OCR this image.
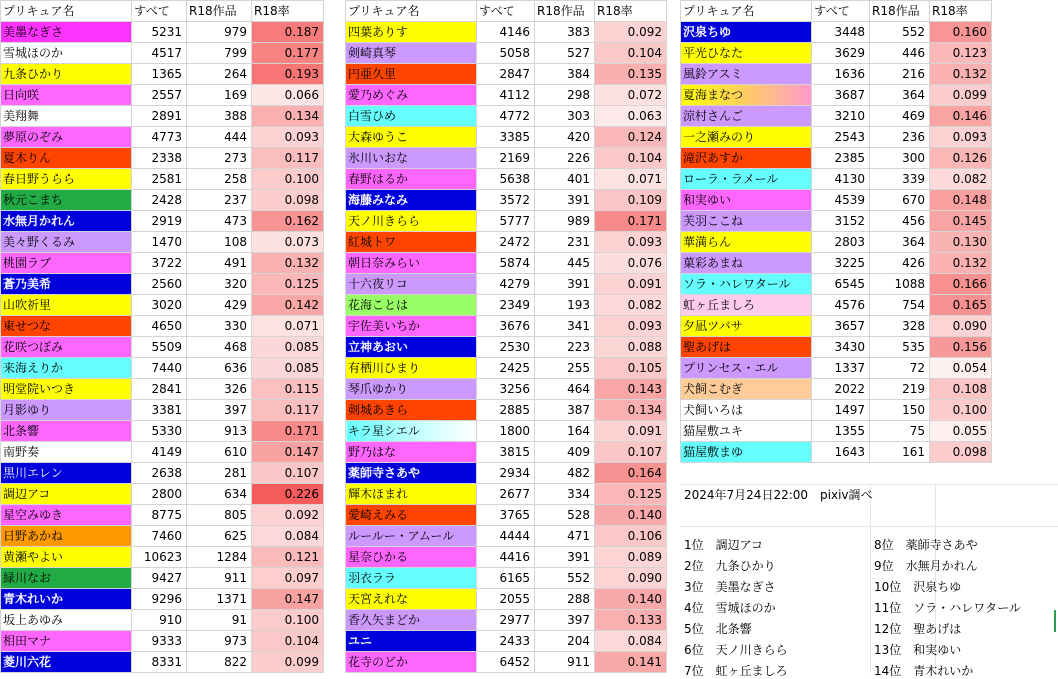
プリキュア名	すべて	R18作品	R18率
美墨なぎさ	5231	979	0.187
雪城ほのか	4517	799	0.177
九条ひかり	1365	264	0.193
日向咲	2557	169	0.066
美翔舞	2891	388	0.134
夢原のぞみ	4773	444	0.093
夏木りん	2338	273	0.117
春日野うらら	2581	258	0.100
秋元こまち	2428	237	0.098
水無月かれん	2919	473	0.162
美々野くるみ	1470	108	0.073
桃園ラブ	3722	491	0.132
蒼乃美希	2560	320	0.125
山吹祈里	3020	429	0.142
東せつな	4650	330	0.071
花咲つぼみ	5509	468	0.085
来海えりか	7440	636	0.085
明堂院いつき	2841	326	0.115
月影ゆり	3381	397	0.117
北条響	5330	913	0.171
南野奏	4149	610	0.147
黒川エレン	2638	281	0.107
調辺アコ	2800	634	0.226
星空みゆき	8775	805	0.092
日野あかね	7460	625	0.084
黄瀬やよい	10623	1284	0.121
緑川なお	9427	911	0.097
青木れいか	9296	1371	0.147
坂上あゆみ	910	91	0.100
相田マナ	9333	973	0.104
菱川六花	8331	822	0.099
プリキュア名	すべて	R18作品	R18率
四葉ありす	4146	383	0.092
剣崎真琴	5058	527	0.104
円亜久里	2847	384	0.135
愛乃めぐみ	4112	298	0.072
白雪ひめ	4772	303	0.063
大森ゆうこ	3385	420	0.124
氷川いおな	2169	226	0.104
春野はるか	5638	401	0.071
海藤みなみ	3572	391	0.109
天ノ川きらら	5777	989	0.171
紅城トワ	2472	231	0.093
朝日奈みらい	5874	445	0.076
十六夜リコ	4279	391	0.091
花海ことは	2349	193	0.082
宇佐美いちか	3676	341	0.093
立神あおい	2530	223	0.088
有栖川ひまり	2425	255	0.105
琴爪ゆかり	3256	464	0.143
剣城あきら	2885	387	0.134
キラ星シエル	1800	164	0.091
野乃はな	3815	409	0.107
薬師寺さあや	2934	482	0.164
輝木ほまれ	2677	334	0.125
愛崎えみる	3765	528	0.140
ルールー・アムール	4444	471	0.106
星奈ひかる	4416	391	0.089
羽衣ララ	6165	552	0.090
天宮えれな	2055	288	0.140
香久矢まどか	2977	397	0.133
ユニ	2433	204	0.084
花寺のどか	6452	911	0.141
プリキュア名	すべて	R18作品	R18率
沢泉ちゆ	3448	552	0.160
平光ひなた	3629	446	0.123
風鈴アスミ	1636	216	0.132
夏海まなつ	3687	364	0.099
涼村さんご	3210	469	0.146
一之瀬みのり	2543	236	0.093
滝沢あすか	2385	300	0.126
ローラ・ラメール	4130	339	0.082
和実ゆい	4539	670	0.148
芙羽ここね	3152	456	0.145
華満らん	2803	364	0.130
菓彩あまね	3225	426	0.132
ソラ・ハレワタール	6545	1088	0.166
虹ヶ丘ましろ	4576	754	0.165
夕凪ツバサ	3657	328	0.090
聖あげは	3430	535	0.156
プリンセス・エル	1337	72	0.054
犬飼こむぎ	2022	219	0.108
犬飼いろは	1497	150	0.100
猫屋敷ユキ	1355	75	0.055
猫屋敷まゆ	1643	161	0.098
2024年7月24日22:00　pixiv調べ
1位　調辺アコ
2位　九条ひかり
3位　美墨なぎさ
4位　雪城ほのか
5位　北条響
6位　天ノ川きらら
7位　虹ヶ丘ましろ
8位　薬師寺さあや
9位　水無月かれん
10位　沢泉ちゆ
11位　ソラ・ハレワタール
12位　聖あげは
13位　和実ゆい
14位　青木れいか
